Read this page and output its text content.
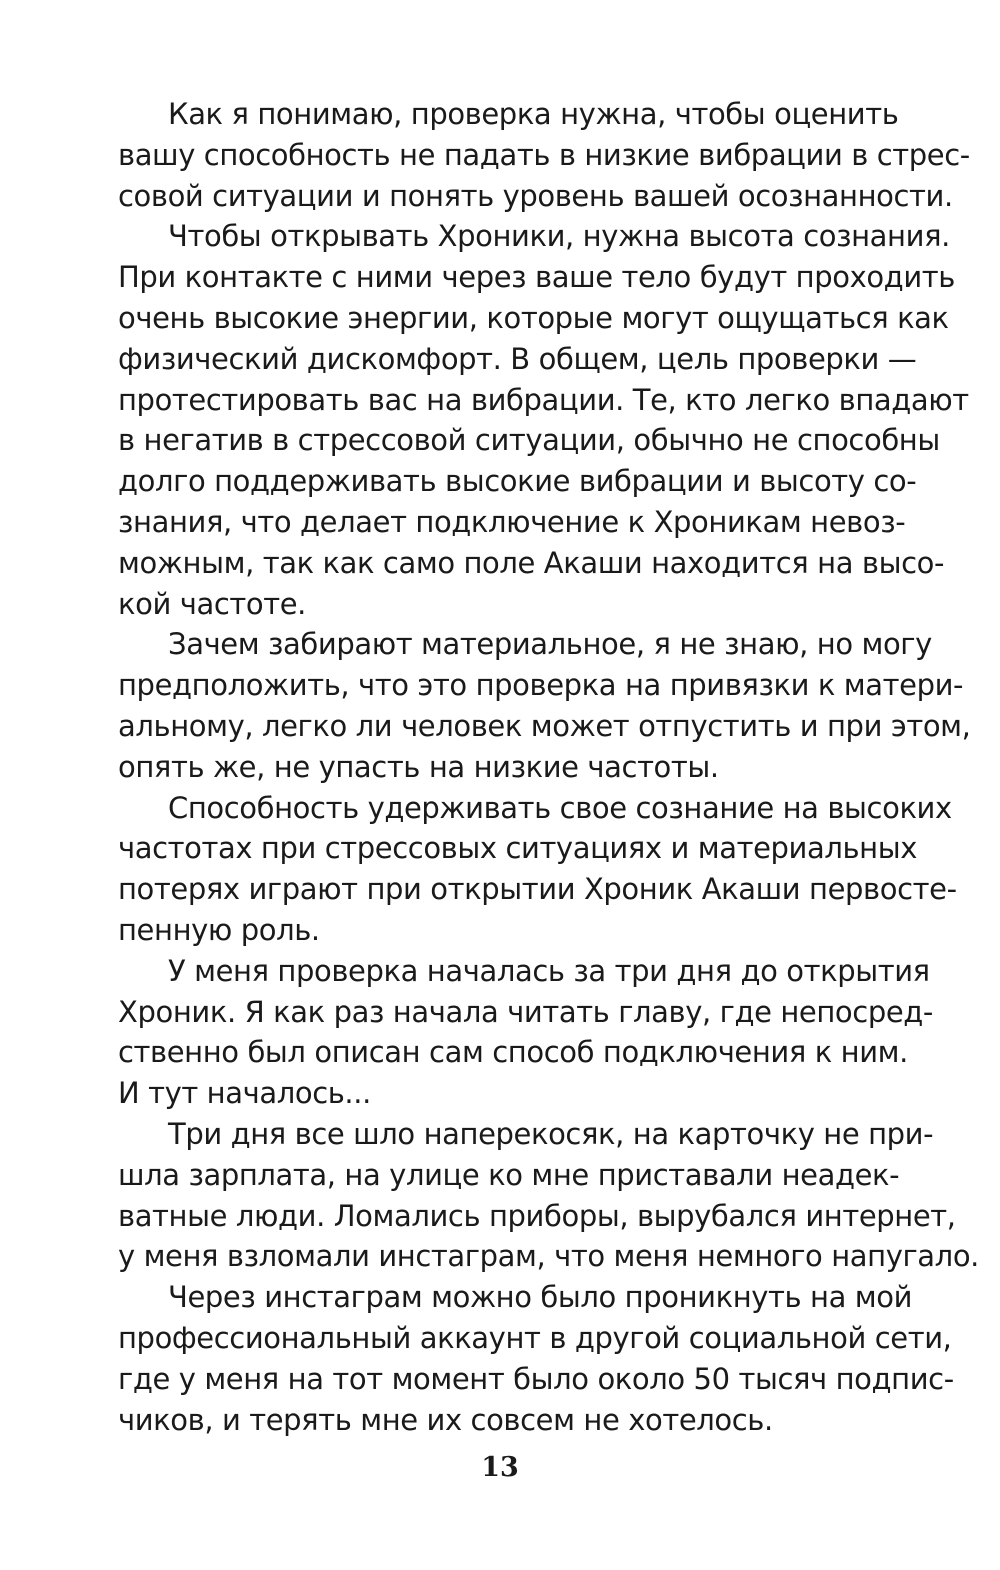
Как я понимаю, проверка нужна, чтобы оценить
вашу способность не падать в низкие вибрации в стрес-
совой ситуации и понять уровень вашей осознанности.
Чтобы открывать Хроники, нужна высота сознания.
При контакте с ними через ваше тело будут проходить
очень высокие энергии, которые могут ощущаться как
физический дискомфорт. В общем, цель проверки —
протестировать вас на вибрации. Те, кто легко впадают
в негатив в стрессовой ситуации, обычно не способны
долго поддерживать высокие вибрации и высоту со-
знания, что делает подключение к Хроникам невоз-
можным, так как само поле Акаши находится на высо-
кой частоте.
Зачем забирают материальное, я не знаю, но могу
предположить, что это проверка на привязки к матери-
альному, легко ли человек может отпустить и при этом,
опять же, не упасть на низкие частоты.
Способность удерживать свое сознание на высоких
частотах при стрессовых ситуациях и материальных
потерях играют при открытии Хроник Акаши первосте-
пенную роль.
У меня проверка началась за три дня до открытия
Хроник. Я как раз начала читать главу, где непосред-
ственно был описан сам способ подключения к ним.
И тут началось...
Три дня все шло наперекосяк, на карточку не при-
шла зарплата, на улице ко мне приставали неадек-
ватные люди. Ломались приборы, вырубался интернет,
у меня взломали инстаграм, что меня немного напугало.
Через инстаграм можно было проникнуть на мой
профессиональный аккаунт в другой социальной сети,
где у меня на тот момент было около 50 тысяч подпис-
чиков, и терять мне их совсем не хотелось.
13
